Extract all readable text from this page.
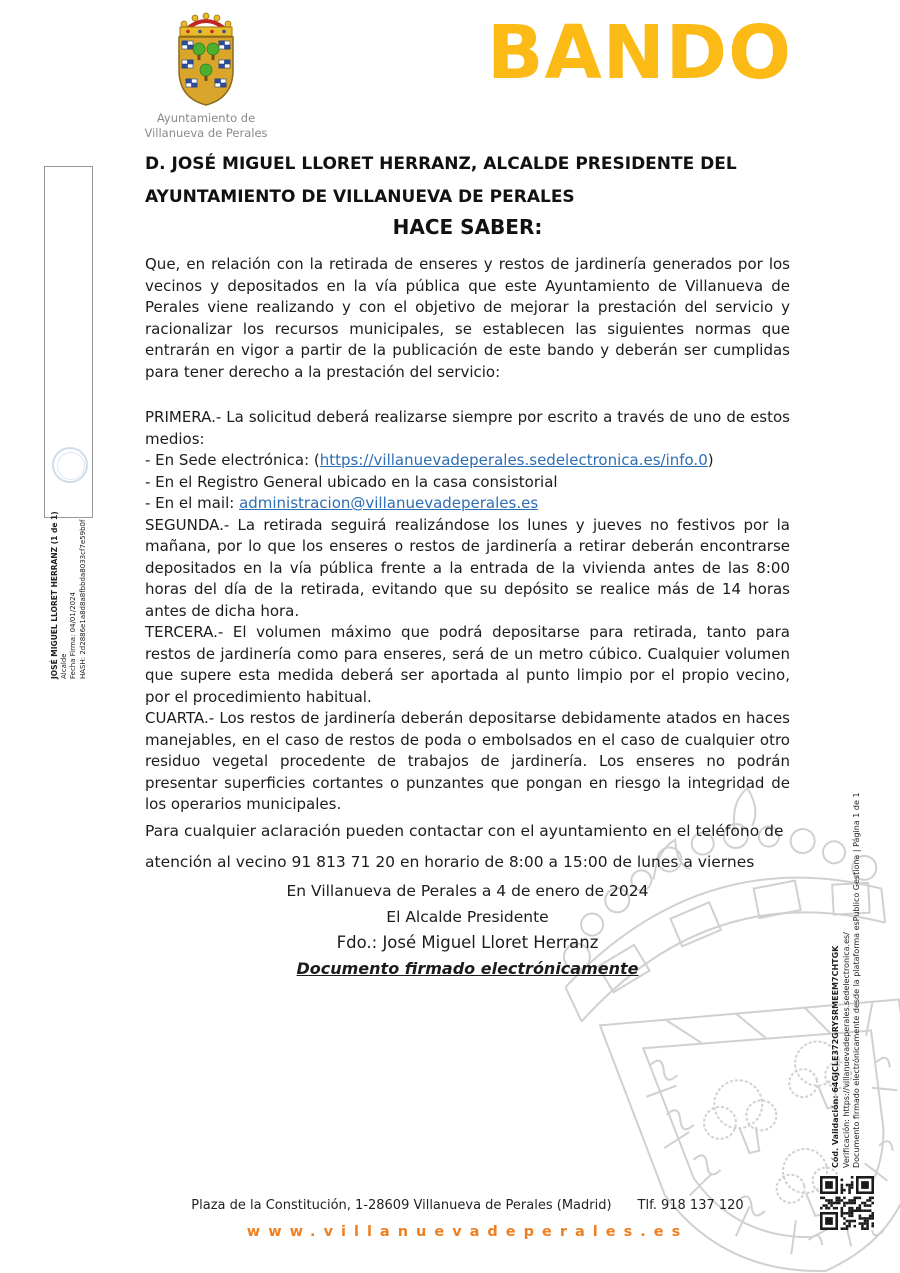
Ayuntamiento de
Villanueva de Perales
BANDO
JOSÉ MIGUEL LLORET HERRANZ (1 de 1) Alcalde Fecha Firma: 04/01/2024 HASH: 2d2886e1a8d8a8fbbda8033cf7e59b0f

D. JOSÉ MIGUEL LLORET HERRANZ, ALCALDE PRESIDENTE DEL
AYUNTAMIENTO DE VILLANUEVA DE PERALES

HACE SABER:

Que, en relación con la retirada de enseres y restos de jardinería generados por los vecinos y depositados en la vía pública que este Ayuntamiento de Villanueva de Perales viene realizando y con el objetivo de mejorar la prestación del servicio y racionalizar los recursos municipales, se establecen las siguientes normas que entrarán en vigor a partir de la publicación de este bando y deberán ser cumplidas para tener derecho a la prestación del servicio:

PRIMERA.- La solicitud deberá realizarse siempre por escrito a través de uno de estos medios:

- En Sede electrónica: (https://villanuevadeperales.sedelectronica.es/info.0)

- En el Registro General ubicado en la casa consistorial

- En el mail: administracion@villanuevadeperales.es

SEGUNDA.- La retirada seguirá realizándose los lunes y jueves no festivos por la mañana, por lo que los enseres o restos de jardinería a retirar deberán encontrarse depositados en la vía pública frente a la entrada de la vivienda antes de las 8:00 horas del día de la retirada, evitando que su depósito se realice más de 14 horas antes de dicha hora.

TERCERA.- El volumen máximo que podrá depositarse para retirada, tanto para restos de jardinería como para enseres, será de un metro cúbico. Cualquier volumen que supere esta medida deberá ser aportada al punto limpio por el propio vecino, por el procedimiento habitual.

CUARTA.- Los restos de jardinería deberán depositarse debidamente atados en haces manejables, en el caso de restos de poda o embolsados en el caso de cualquier otro residuo vegetal procedente de trabajos de jardinería. Los enseres no podrán presentar superficies cortantes o punzantes que pongan en riesgo la integridad de los operarios municipales.

Para cualquier aclaración pueden contactar con el ayuntamiento en el teléfono de atención al vecino 91 813 71 20 en horario de 8:00 a 15:00 de lunes a viernes

En Villanueva de Perales a 4 de enero de 2024

El Alcalde Presidente

Fdo.: José Miguel Lloret Herranz

Documento firmado electrónicamente	Cód. Validación: 64GJCLE372GRYSRMEEM7CHTGK Verificación: https://villanuevadeperales.sedelectronica.es/ Documento firmado electrónicamente desde la plataforma esPublico Gestiona | Página 1 de 1
Plaza de la Constitución, 1-28609 Villanueva de Perales (Madrid) Tlf. 918 137 120
www.villanuevadeperales.es
